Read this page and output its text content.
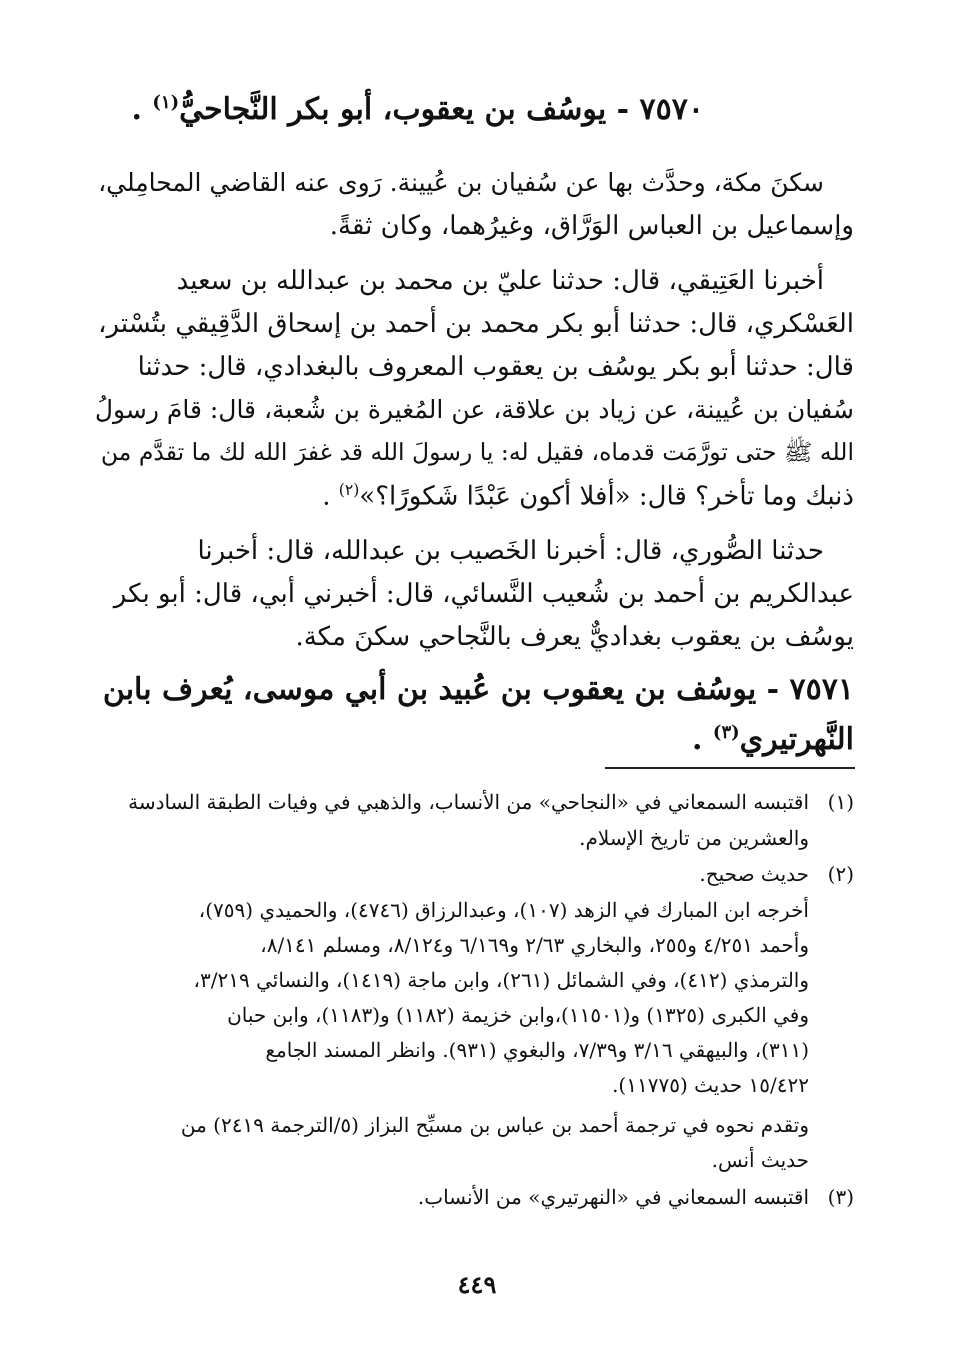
٧٥٧٠ - يوسُف بن يعقوب، أبو بكر النَّجاحيُّ$^{(١)}$ .
سكنَ مكة، وحدَّث بها عن سُفيان بن عُيينة. رَوى عنه القاضي المحامِلي،
وإسماعيل بن العباس الوَرَّاق، وغيرُهما، وكان ثقةً.
أخبرنا العَتِيقي، قال: حدثنا عليّ بن محمد بن عبدالله بن سعيد
العَسْكري، قال: حدثنا أبو بكر محمد بن أحمد بن إسحاق الدَّقِيقي بتُسْتر،
قال: حدثنا أبو بكر يوسُف بن يعقوب المعروف بالبغدادي، قال: حدثنا
سُفيان بن عُيينة، عن زياد بن علاقة، عن المُغيرة بن شُعبة، قال: قامَ رسولُ
الله ﷺ حتى تورَّمَت قدماه، فقيل له: يا رسولَ الله قد غفرَ الله لك ما تقدَّم من
ذنبك وما تأخر؟ قال: «أفلا أكون عَبْدًا شَكورًا؟»$^{(٢)}$ .
حدثنا الصُّوري، قال: أخبرنا الخَصيب بن عبدالله، قال: أخبرنا
عبدالكريم بن أحمد بن شُعيب النَّسائي، قال: أخبرني أبي، قال: أبو بكر
يوسُف بن يعقوب بغداديٌّ يعرف بالنَّجاحي سكنَ مكة.
٧٥٧١ - يوسُف بن يعقوب بن عُبيد بن أبي موسى، يُعرف بابن
النَّهرتيري$^{(٣)}$ .
(١)
اقتبسه السمعاني في «النجاحي» من الأنساب، والذهبي في وفيات الطبقة السادسة
والعشرين من تاريخ الإسلام.
(٢)
حديث صحيح.
أخرجه ابن المبارك في الزهد (١٠٧)، وعبدالرزاق (٤٧٤٦)، والحميدي (٧٥٩)،
وأحمد ٤/٢٥١ و٢٥٥، والبخاري ٢/٦٣ و٦/١٦٩ و٨/١٢٤، ومسلم ٨/١٤١،
والترمذي (٤١٢)، وفي الشمائل (٢٦١)، وابن ماجة (١٤١٩)، والنسائي ٣/٢١٩،
وفي الكبرى (١٣٢٥) و(١١٥٠١)،وابن خزيمة (١١٨٢) و(١١٨٣)، وابن حبان
(٣١١)، والبيهقي ٣/١٦ و٧/٣٩، والبغوي (٩٣١). وانظر المسند الجامع
١٥/٤٢٢ حديث (١١٧٧٥).
وتقدم نحوه في ترجمة أحمد بن عباس بن مسبِّح البزاز (٥/الترجمة ٢٤١٩) من
حديث أنس.
(٣)
اقتبسه السمعاني في «النهرتيري» من الأنساب.
٤٤٩
